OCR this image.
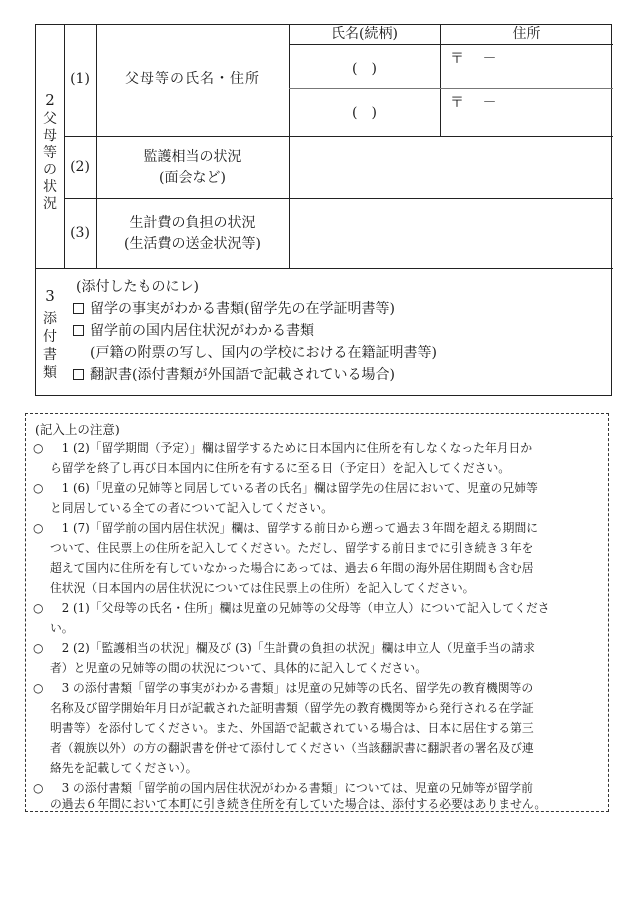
2
父
母
等
の
状
況
(1)	父母等の氏名・住所
氏名(続柄)	住所
(　)
(　)
〒　 －
〒　 －
(2)
監護相当の状況
(面会など)
(3)
生計費の負担の状況
(生活費の送金状況等)
3
添
付
書
類
(添付したものにレ)
留学の事実がわかる書類(留学先の在学証明書等)
留学前の国内居住状況がわかる書類
(戸籍の附票の写し、国内の学校における在籍証明書等)
翻訳書(添付書類が外国語で記載されている場合)
(記入上の注意)
○ 　1 (2)「留学期間（予定）」欄は留学するために日本国内に住所を有しなくなった年月日か
ら留学を終了し再び日本国内に住所を有するに至る日（予定日）を記入してください。
○ 　1 (6)「児童の兄姉等と同居している者の氏名」欄は留学先の住居において、児童の兄姉等
と同居している全ての者について記入してください。
○ 　1 (7)「留学前の国内居住状況」欄は、留学する前日から遡って過去３年間を超える期間に
ついて、住民票上の住所を記入してください。ただし、留学する前日までに引き続き３年を
超えて国内に住所を有していなかった場合にあっては、過去６年間の海外居住期間も含む居
住状況（日本国内の居住状況については住民票上の住所）を記入してください。
○ 　2 (1)「父母等の氏名・住所」欄は児童の兄姉等の父母等（申立人）について記入してくださ
い。
○ 　2 (2)「監護相当の状況」欄及び (3)「生計費の負担の状況」欄は申立人（児童手当の請求
者）と児童の兄姉等の間の状況について、具体的に記入してください。
○ 　3 の添付書類「留学の事実がわかる書類」は児童の兄姉等の氏名、留学先の教育機関等の
名称及び留学開始年月日が記載された証明書類（留学先の教育機関等から発行される在学証
明書等）を添付してください。また、外国語で記載されている場合は、日本に居住する第三
者（親族以外）の方の翻訳書を併せて添付してください（当該翻訳書に翻訳者の署名及び連
絡先を記載してください）。
○ 　3 の添付書類「留学前の国内居住状況がわかる書類」については、児童の兄姉等が留学前
の過去６年間において本町に引き続き住所を有していた場合は、添付する必要はありません。
